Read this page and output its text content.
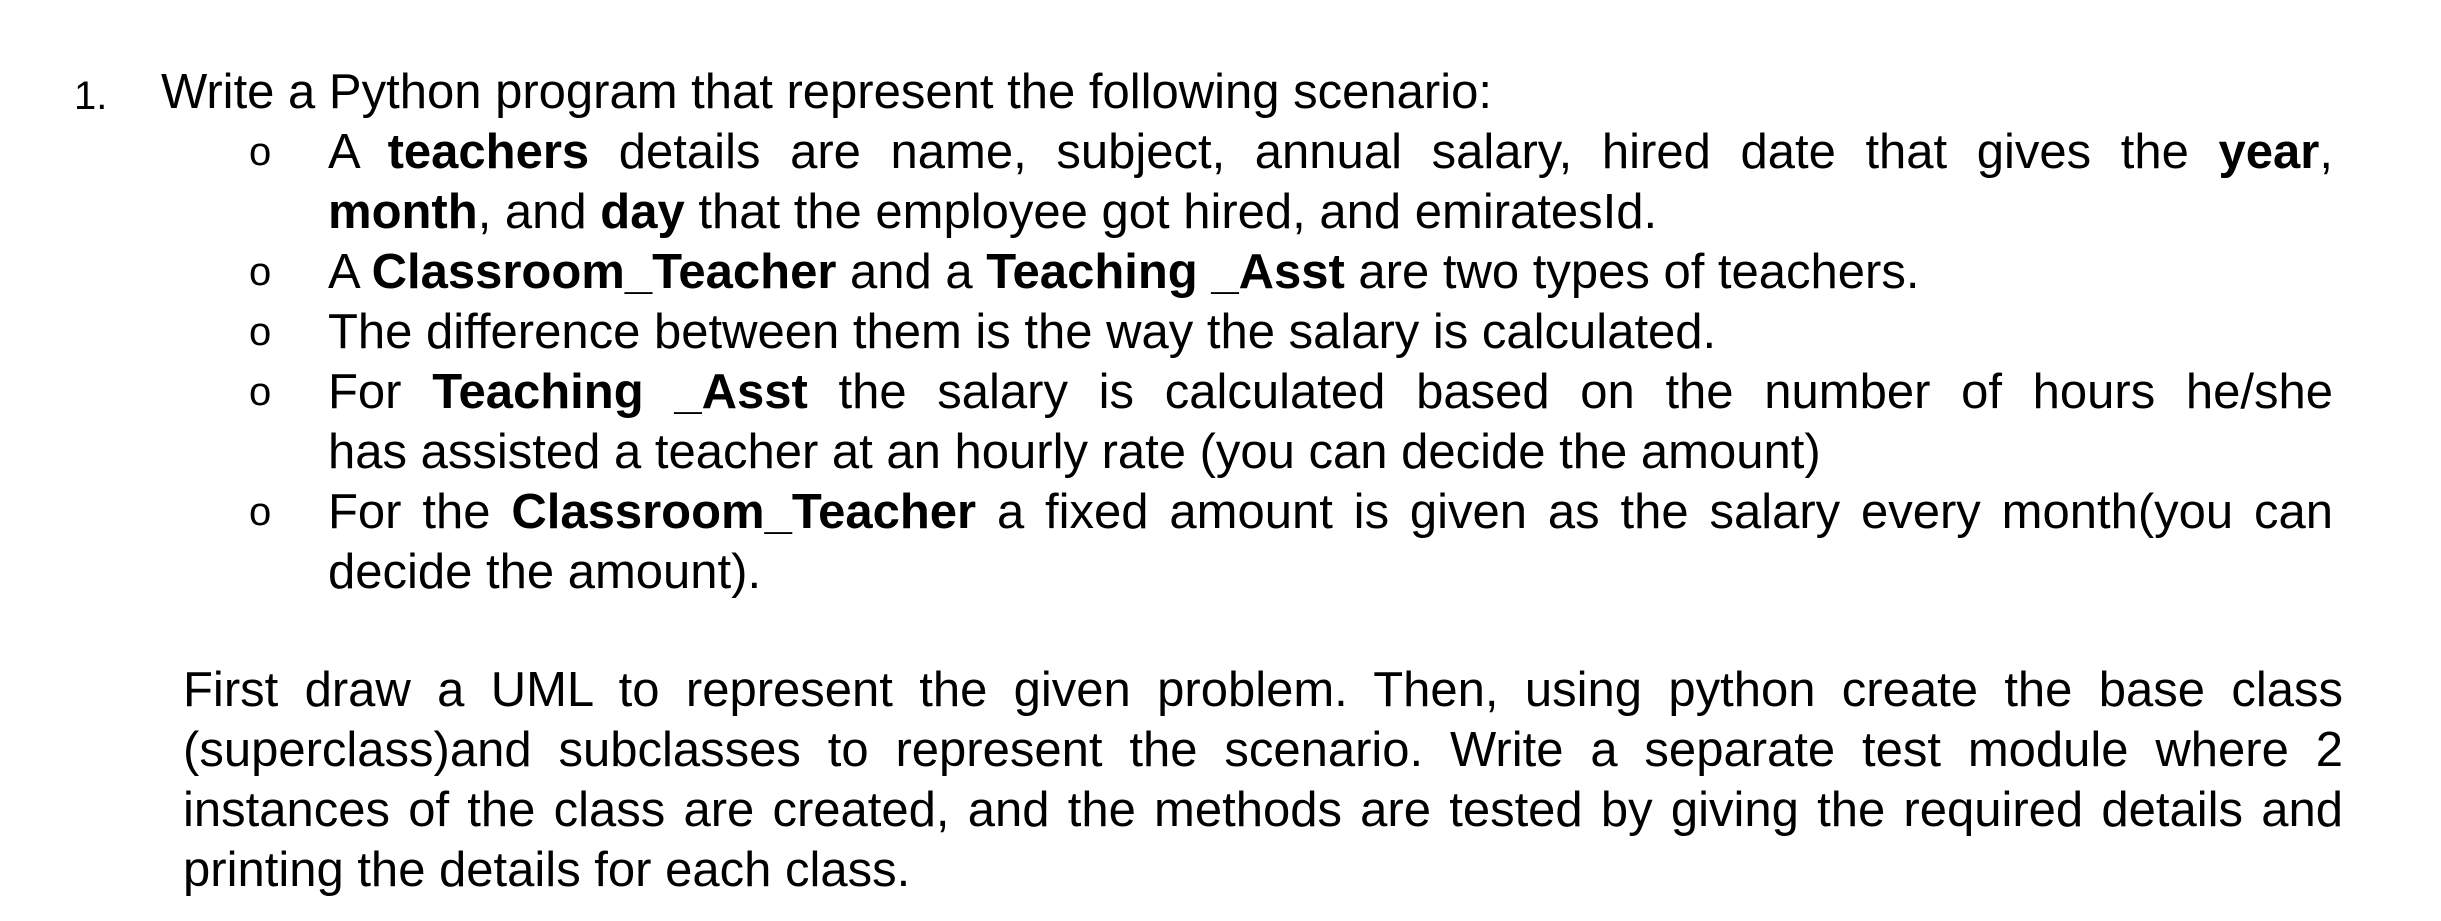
1. Write a Python program that represent the following scenario:
o A teachers details are name, subject, annual salary, hired date that gives the year,
month, and day that the employee got hired, and emiratesId.
o A Classroom_Teacher and a Teaching _Asst are two types of teachers.
o The difference between them is the way the salary is calculated.
o For Teaching _Asst the salary is calculated based on the number of hours he/she
has assisted a teacher at an hourly rate (you can decide the amount)
o For the Classroom_Teacher a fixed amount is given as the salary every month(you can
decide the amount).
First draw a UML to represent the given problem. Then, using python create the base class
(superclass)and subclasses to represent the scenario. Write a separate test module where 2
instances of the class are created, and the methods are tested by giving the required details and
printing the details for each class.
